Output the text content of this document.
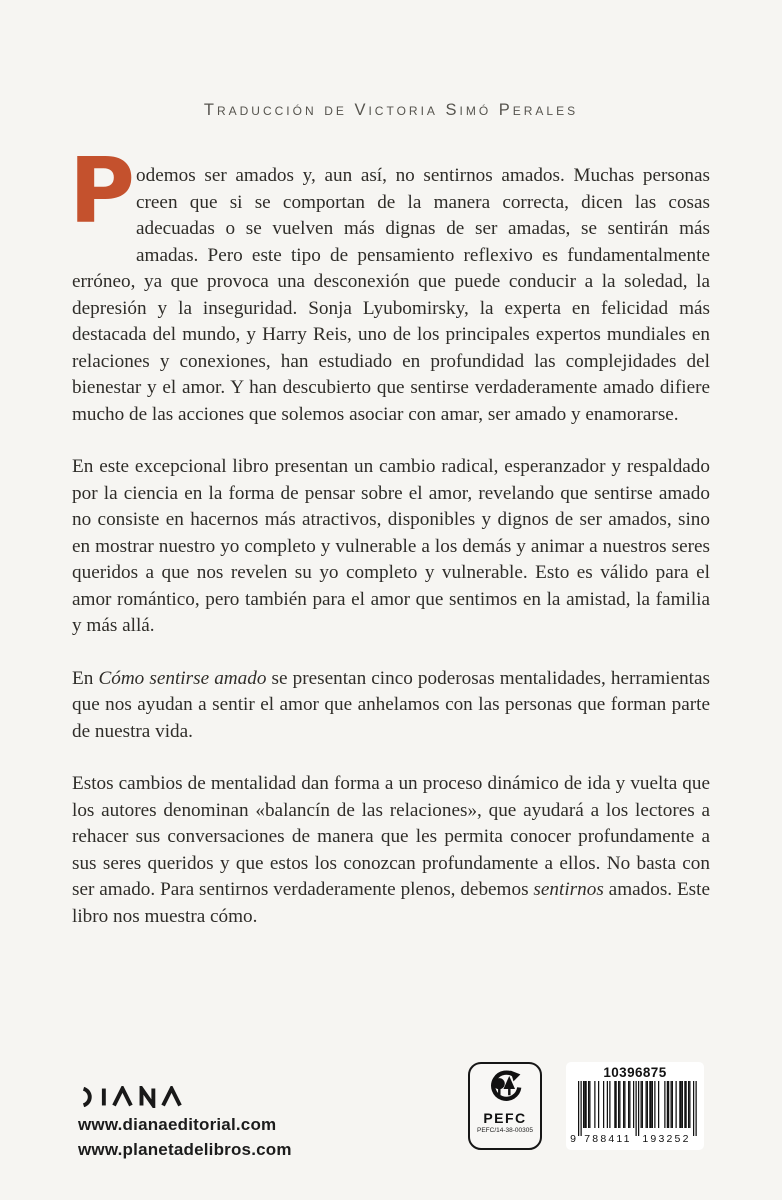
Traducción de Victoria Simó Perales

P odemos ser amados y, aun así, no sentirnos amados. Muchas personas creen que si se comportan de la manera correcta, dicen las cosas adecuadas o se vuelven más dignas de ser amadas, se sentirán más amadas. Pero este tipo de pensamiento reflexivo es fundamentalmente erróneo, ya que provoca una desconexión que puede conducir a la soledad, la depresión y la inseguridad. Sonja Lyubomirsky, la experta en felicidad más destacada del mundo, y Harry Reis, uno de los principales expertos mundiales en relaciones y conexiones, han estudiado en profundidad las complejidades del bienestar y el amor. Y han descubierto que sentirse verdaderamente amado difiere mucho de las acciones que solemos asociar con amar, ser amado y enamorarse.

En este excepcional libro presentan un cambio radical, esperanzador y respaldado por la ciencia en la forma de pensar sobre el amor, revelando que sentirse amado no consiste en hacernos más atractivos, disponibles y dignos de ser amados, sino en mostrar nuestro yo completo y vulnerable a los demás y animar a nuestros seres queridos a que nos revelen su yo completo y vulnerable. Esto es válido para el amor romántico, pero también para el amor que sentimos en la amistad, la familia y más allá.

En Cómo sentirse amado se presentan cinco poderosas mentalidades, herramientas que nos ayudan a sentir el amor que anhelamos con las personas que forman parte de nuestra vida.

Estos cambios de mentalidad dan forma a un proceso dinámico de ida y vuelta que los autores denominan «balancín de las relaciones», que ayudará a los lectores a rehacer sus conversaciones de manera que les permita conocer profundamente a sus seres queridos y que estos los conozcan profundamente a ellos. No basta con ser amado. Para sentirnos verdaderamente plenos, debemos sentirnos amados. Este libro nos muestra cómo.

www.dianaeditorial.com
www.planetadelibros.com
PEFC
PEFC/14-38-00305
10396875
9 788411 193252
